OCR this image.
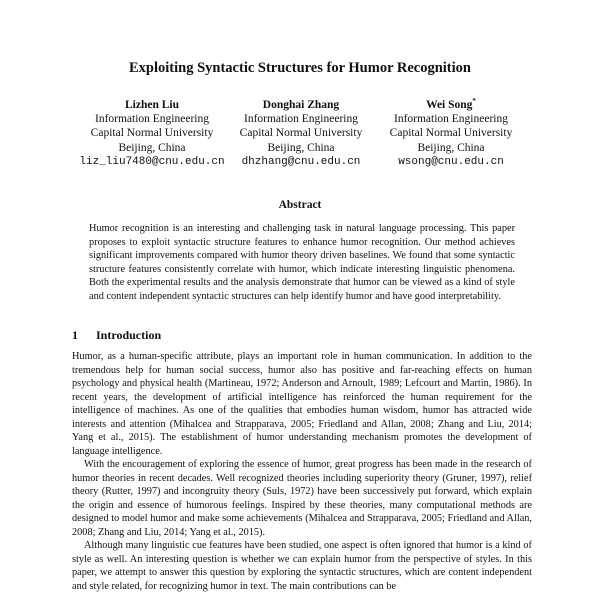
Exploiting Syntactic Structures for Humor Recognition
Lizhen Liu
Information Engineering
Capital Normal University
Beijing, China
liz_liu7480@cnu.edu.cn
Donghai Zhang
Information Engineering
Capital Normal University
Beijing, China
dhzhang@cnu.edu.cn
Wei Song*
Information Engineering
Capital Normal University
Beijing, China
wsong@cnu.edu.cn
Abstract

Humor recognition is an interesting and challenging task in natural language processing. This paper proposes to exploit syntactic structure features to enhance humor recognition. Our method achieves significant improvements compared with humor theory driven baselines. We found that some syntactic structure features consistently correlate with humor, which indicate interesting linguistic phenomena. Both the experimental results and the analysis demonstrate that humor can be viewed as a kind of style and content independent syntactic structures can help identify humor and have good interpretability.

1 Introduction

Humor, as a human-specific attribute, plays an important role in human communication. In addition to the tremendous help for human social success, humor also has positive and far-reaching effects on human psychology and physical health (Martineau, 1972; Anderson and Arnoult, 1989; Lefcourt and Martin, 1986). In recent years, the development of artificial intelligence has reinforced the human requirement for the intelligence of machines. As one of the qualities that embodies human wisdom, humor has attracted wide interests and attention (Mihalcea and Strapparava, 2005; Friedland and Allan, 2008; Zhang and Liu, 2014; Yang et al., 2015). The establishment of humor understanding mechanism promotes the development of language intelligence.

With the encouragement of exploring the essence of humor, great progress has been made in the research of humor theories in recent decades. Well recognized theories including superiority theory (Gruner, 1997), relief theory (Rutter, 1997) and incongruity theory (Suls, 1972) have been successively put forward, which explain the origin and essence of humorous feelings. Inspired by these theories, many computational methods are designed to model humor and make some achievements (Mihalcea and Strapparava, 2005; Friedland and Allan, 2008; Zhang and Liu, 2014; Yang et al., 2015).

Although many linguistic cue features have been studied, one aspect is often ignored that humor is a kind of style as well. An interesting question is whether we can explain humor from the perspective of styles. In this paper, we attempt to answer this question by exploring the syntactic structures, which are content independent and style related, for recognizing humor in text. The main contributions can be
